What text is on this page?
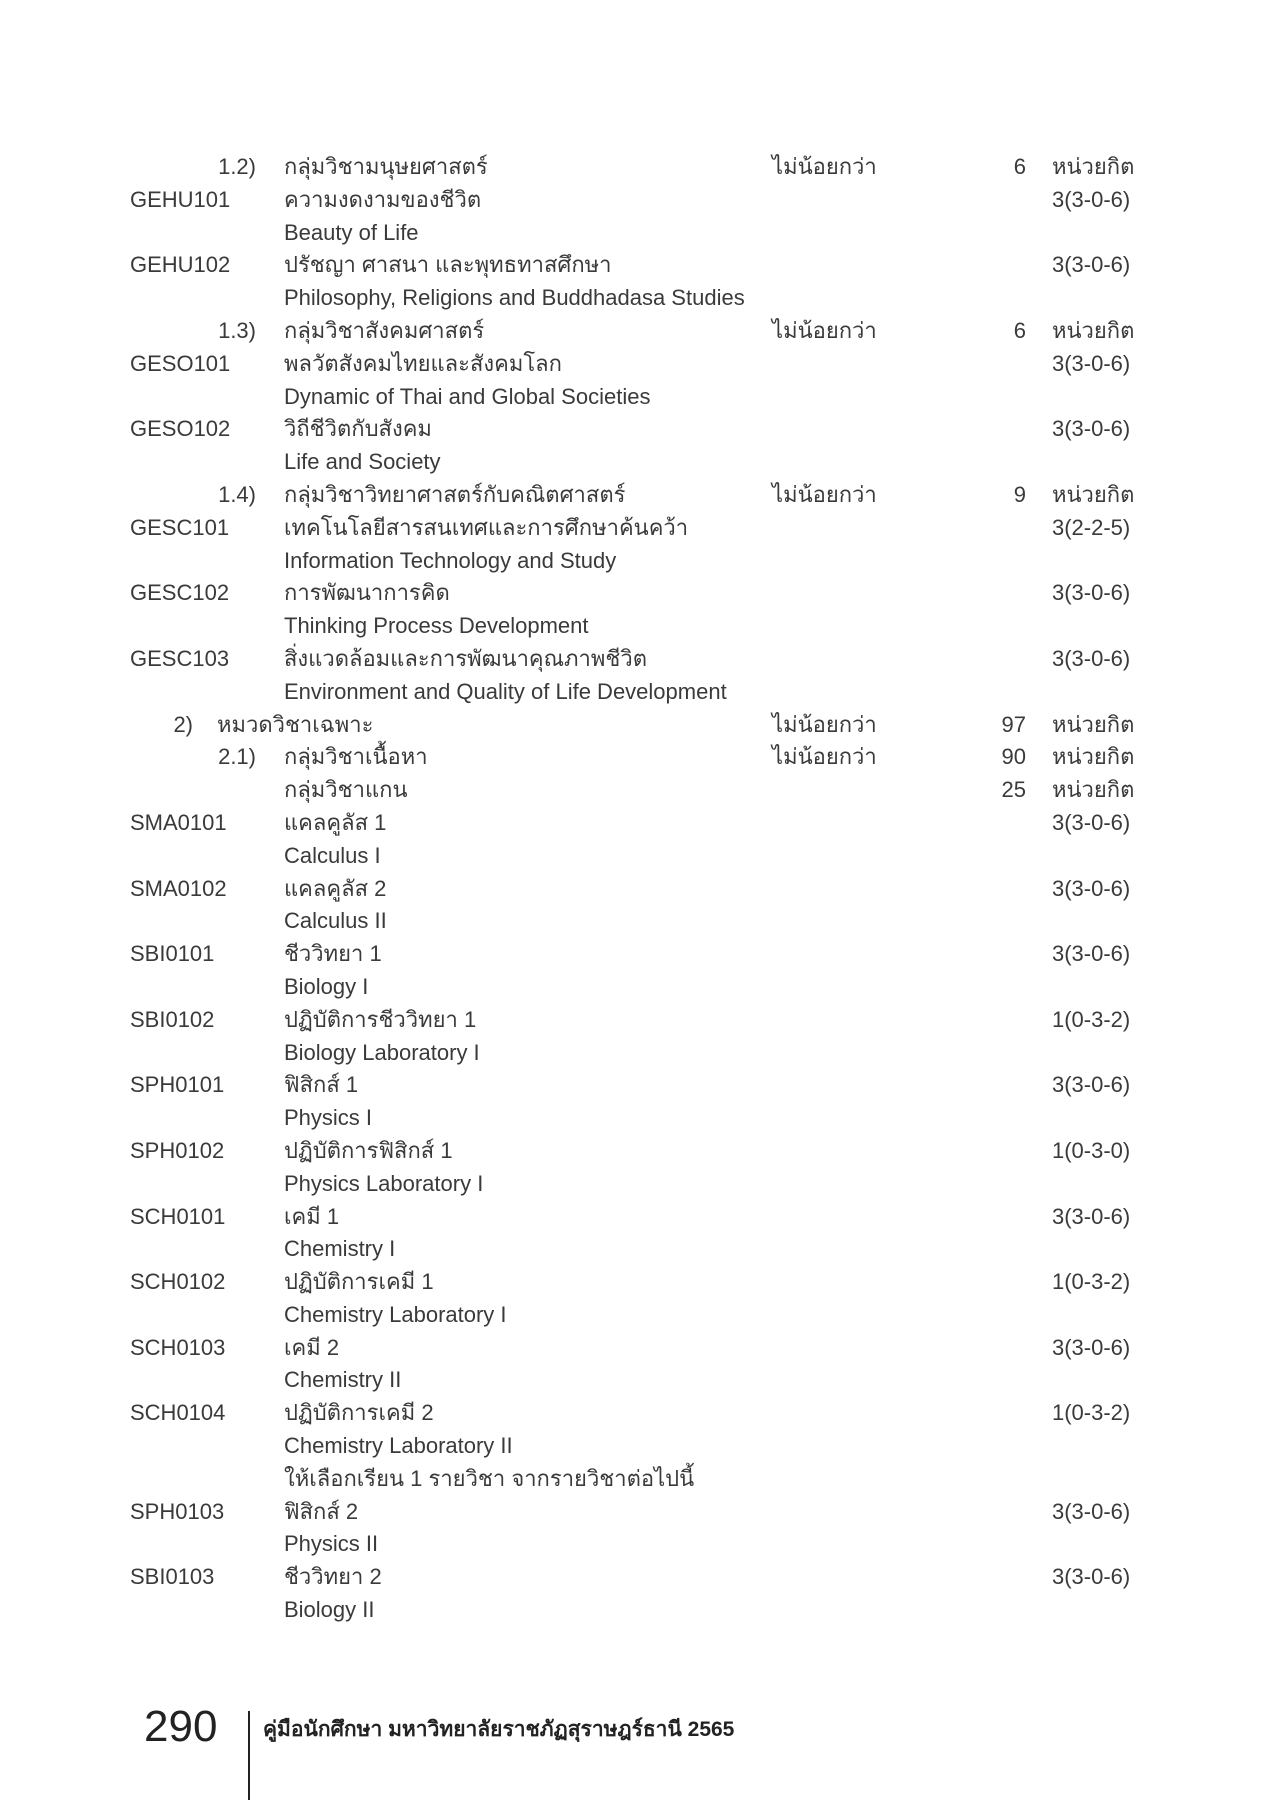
1.2) กลุ่มวิชามนุษยศาสตร์	ไม่น้อยกว่า	6 หน่วยกิต
GEHU101 ความงดงามของชีวิต	3(3-0-6)
Beauty of Life
GEHU102 ปรัชญา ศาสนา และพุทธทาสศึกษา	3(3-0-6)
Philosophy, Religions and Buddhadasa Studies
1.3) กลุ่มวิชาสังคมศาสตร์	ไม่น้อยกว่า	6 หน่วยกิต
GESO101 พลวัตสังคมไทยและสังคมโลก	3(3-0-6)
Dynamic of Thai and Global Societies
GESO102 วิถีชีวิตกับสังคม	3(3-0-6)
Life and Society
1.4) กลุ่มวิชาวิทยาศาสตร์กับคณิตศาสตร์	ไม่น้อยกว่า	9 หน่วยกิต
GESC101 เทคโนโลยีสารสนเทศและการศึกษาค้นคว้า	3(2-2-5)
Information Technology and Study
GESC102 การพัฒนาการคิด	3(3-0-6)
Thinking Process Development
GESC103 สิ่งแวดล้อมและการพัฒนาคุณภาพชีวิต	3(3-0-6)
Environment and Quality of Life Development
2) หมวดวิชาเฉพาะ	ไม่น้อยกว่า	97 หน่วยกิต
2.1) กลุ่มวิชาเนื้อหา	ไม่น้อยกว่า	90 หน่วยกิต
กลุ่มวิชาแกน	25 หน่วยกิต
SMA0101	แคลคูลัส 1	3(3-0-6)
Calculus I
SMA0102	แคลคูลัส 2	3(3-0-6)
Calculus II
SBI0101	ชีววิทยา 1	3(3-0-6)
Biology I
SBI0102	ปฏิบัติการชีววิทยา 1	1(0-3-2)
Biology Laboratory I
SPH0101	ฟิสิกส์ 1	3(3-0-6)
Physics I
SPH0102	ปฏิบัติการฟิสิกส์ 1	1(0-3-0)
Physics Laboratory I
SCH0101	เคมี 1	3(3-0-6)
Chemistry I
SCH0102	ปฏิบัติการเคมี 1	1(0-3-2)
Chemistry Laboratory I
SCH0103	เคมี 2	3(3-0-6)
Chemistry II
SCH0104	ปฏิบัติการเคมี 2	1(0-3-2)
Chemistry Laboratory II
ให้เลือกเรียน 1 รายวิชา จากรายวิชาต่อไปนี้
SPH0103	ฟิสิกส์ 2	3(3-0-6)
Physics II
SBI0103	ชีววิทยา 2	3(3-0-6)
Biology II
290 คู่มือนักศึกษา มหาวิทยาลัยราชภัฏสุราษฎร์ธานี 2565
